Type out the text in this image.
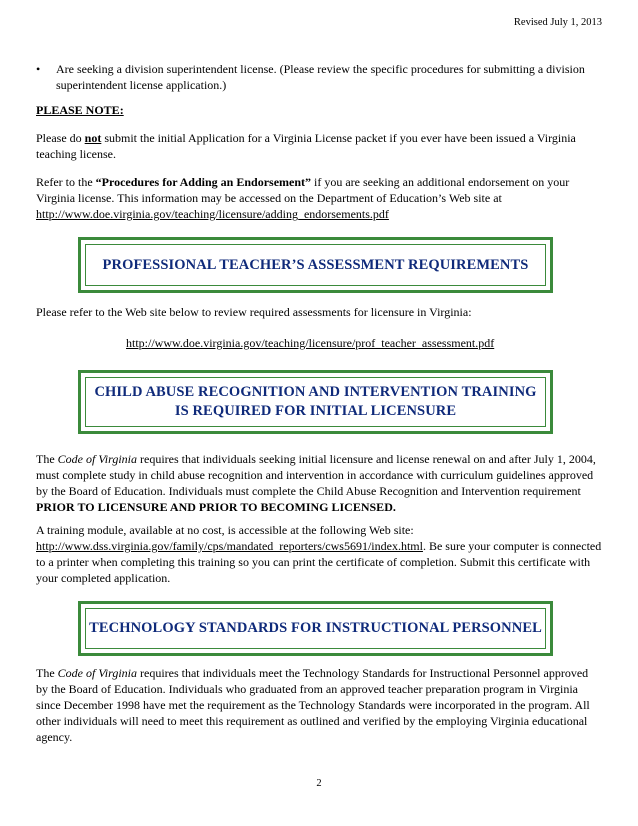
Revised July 1, 2013
• Are seeking a division superintendent license. (Please review the specific procedures for submitting a division superintendent license application.)
PLEASE NOTE:
Please do not submit the initial Application for a Virginia License packet if you ever have been issued a Virginia teaching license.
Refer to the “Procedures for Adding an Endorsement” if you are seeking an additional endorsement on your Virginia license. This information may be accessed on the Department of Education’s Web site at http://www.doe.virginia.gov/teaching/licensure/adding_endorsements.pdf
PROFESSIONAL TEACHER’S ASSESSMENT REQUIREMENTS
Please refer to the Web site below to review required assessments for licensure in Virginia:
http://www.doe.virginia.gov/teaching/licensure/prof_teacher_assessment.pdf
CHILD ABUSE RECOGNITION AND INTERVENTION TRAINING
IS REQUIRED FOR INITIAL LICENSURE
The Code of Virginia requires that individuals seeking initial licensure and license renewal on and after July 1, 2004, must complete study in child abuse recognition and intervention in accordance with curriculum guidelines approved by the Board of Education. Individuals must complete the Child Abuse Recognition and Intervention requirement PRIOR TO LICENSURE AND PRIOR TO BECOMING LICENSED.
A training module, available at no cost, is accessible at the following Web site: http://www.dss.virginia.gov/family/cps/mandated_reporters/cws5691/index.html. Be sure your computer is connected to a printer when completing this training so you can print the certificate of completion. Submit this certificate with your completed application.
TECHNOLOGY STANDARDS FOR INSTRUCTIONAL PERSONNEL
The Code of Virginia requires that individuals meet the Technology Standards for Instructional Personnel approved by the Board of Education. Individuals who graduated from an approved teacher preparation program in Virginia since December 1998 have met the requirement as the Technology Standards were incorporated in the program. All other individuals will need to meet this requirement as outlined and verified by the employing Virginia educational agency.
2
